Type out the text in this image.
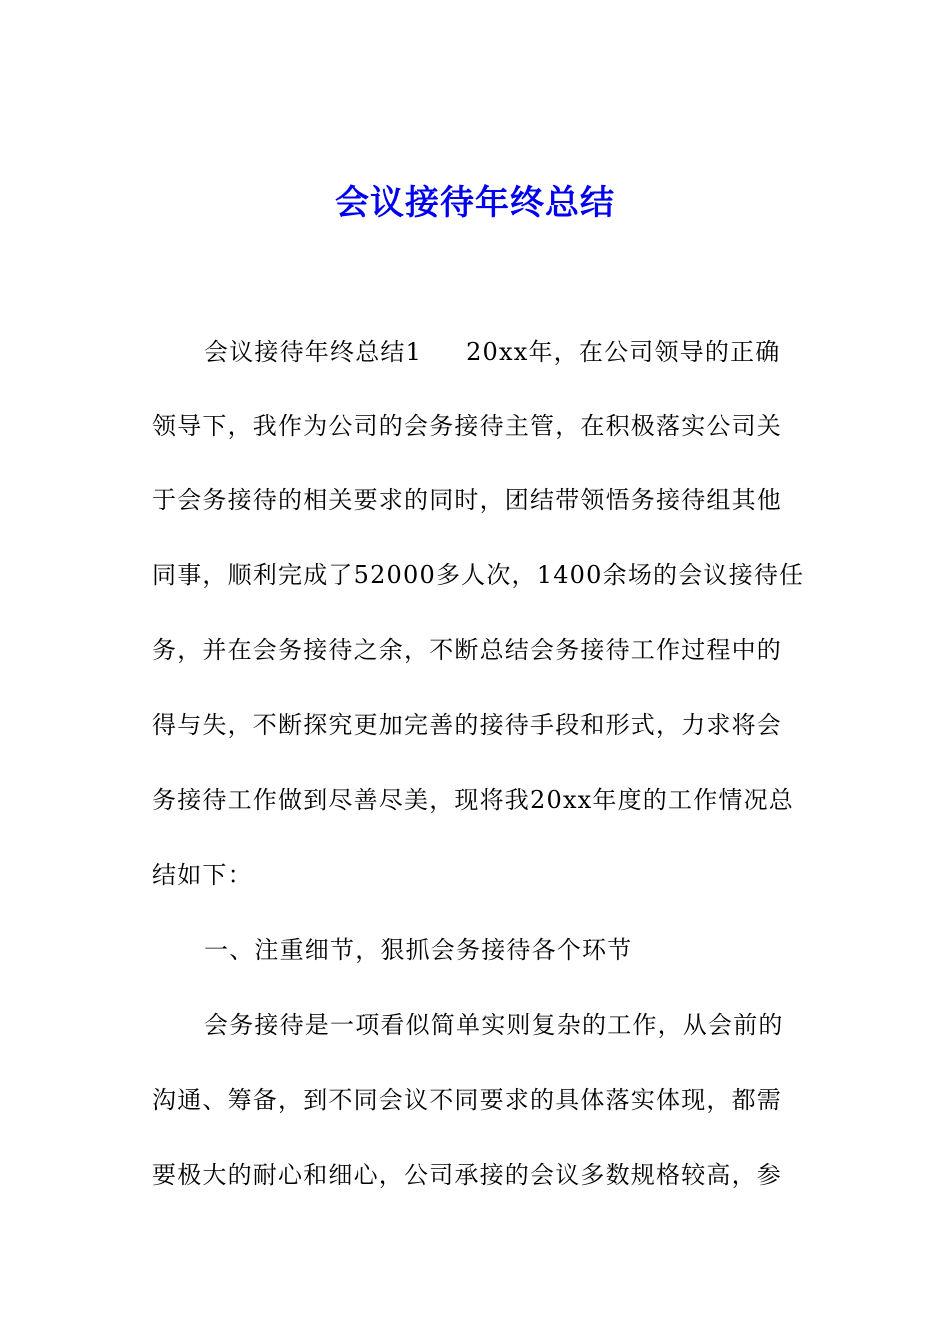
会议接待年终总结
会议接待年终总结1 20xx年，在公司领导的正确
领导下，我作为公司的会务接待主管，在积极落实公司关
于会务接待的相关要求的同时，团结带领悟务接待组其他
同事，顺利完成了52000多人次，1400余场的会议接待任
务，并在会务接待之余，不断总结会务接待工作过程中的
得与失，不断探究更加完善的接待手段和形式，力求将会
务接待工作做到尽善尽美，现将我20xx年度的工作情况总
结如下：
一、注重细节，狠抓会务接待各个环节
会务接待是一项看似简单实则复杂的工作，从会前的
沟通、筹备，到不同会议不同要求的具体落实体现，都需
要极大的耐心和细心，公司承接的会议多数规格较高，参
